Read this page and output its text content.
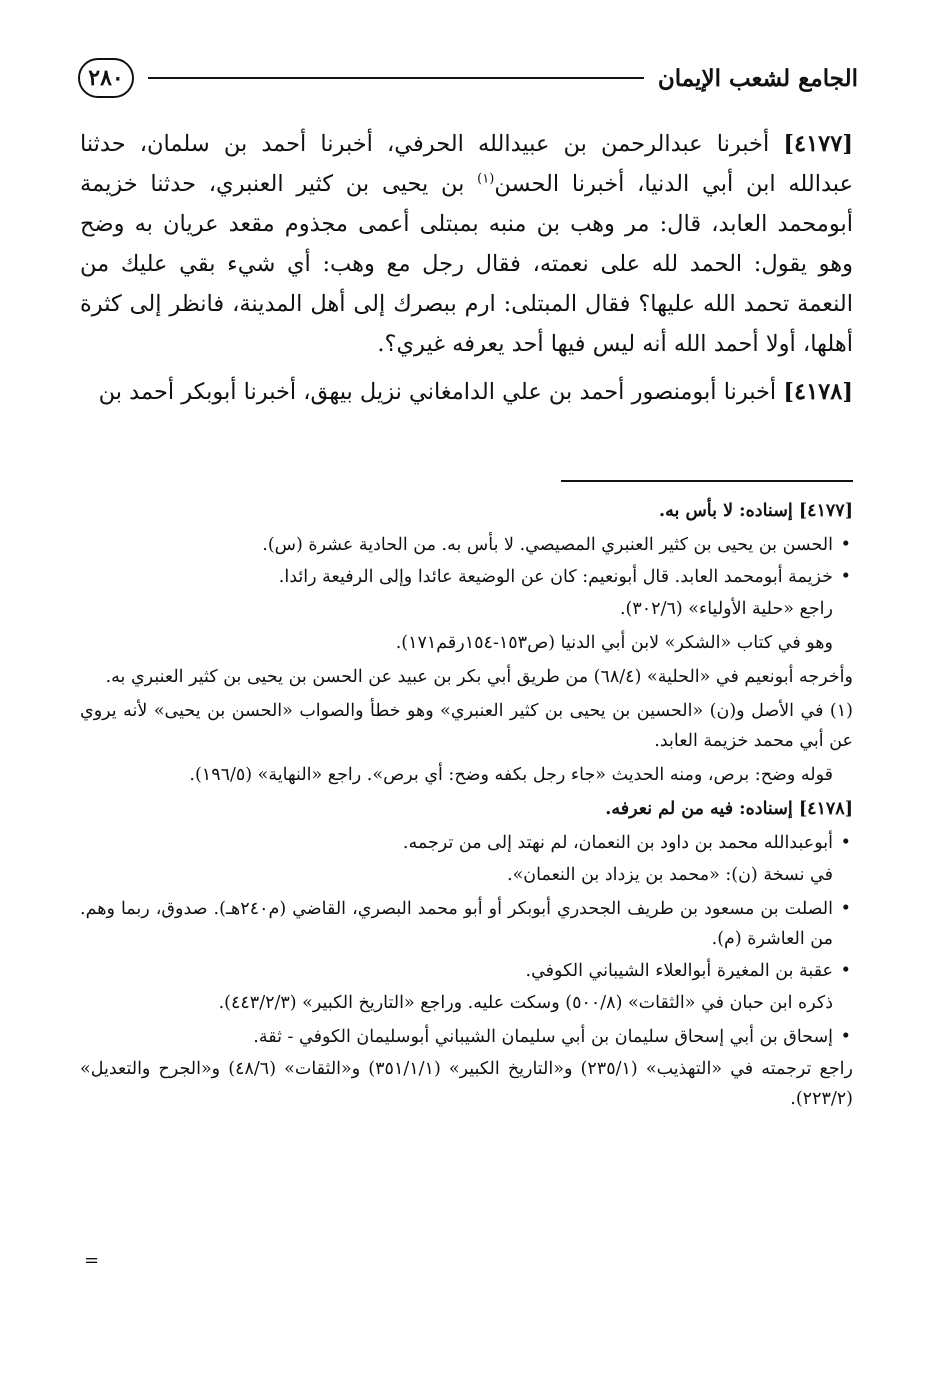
الجامع لشعب الإيمان
٢٨٠

[٤١٧٧] أخبرنا عبدالرحمن بن عبيدالله الحرفي، أخبرنا أحمد بن سلمان، حدثنا عبدالله ابن أبي الدنيا، أخبرنا الحسن$^{(١)}$ بن يحيى بن كثير العنبري، حدثنا خزيمة أبومحمد العابد، قال: مر وهب بن منبه بمبتلى أعمى مجذوم مقعد عريان به وضح وهو يقول: الحمد لله على نعمته، فقال رجل مع وهب: أي شيء بقي عليك من النعمة تحمد الله عليها؟ فقال المبتلى: ارم ببصرك إلى أهل المدينة، فانظر إلى كثرة أهلها، أولا أحمد الله أنه ليس فيها أحد يعرفه غيري؟.

[٤١٧٨] أخبرنا أبومنصور أحمد بن علي الدامغاني نزيل بيهق، أخبرنا أبوبكر أحمد بن

[٤١٧٧] إسناده: لا بأس به.

• الحسن بن يحيى بن كثير العنبري المصيصي. لا بأس به. من الحادية عشرة (س).

• خزيمة أبومحمد العابد. قال أبونعيم: كان عن الوضيعة عائدا وإلى الرفيعة رائدا.

راجع «حلية الأولياء» (٣٠٢/٦).

وهو في كتاب «الشكر» لابن أبي الدنيا (ص١٥٣-١٥٤رقم١٧١).

وأخرجه أبونعيم في «الحلية» (٦٨/٤) من طريق أبي بكر بن عبيد عن الحسن بن يحيى بن كثير العنبري به.

(١) في الأصل و(ن) «الحسين بن يحيى بن كثير العنبري» وهو خطأ والصواب «الحسن بن يحيى» لأنه يروي عن أبي محمد خزيمة العابد.

قوله وضح: برص، ومنه الحديث «جاء رجل بكفه وضح: أي برص». راجع «النهاية» (١٩٦/٥).

[٤١٧٨] إسناده: فيه من لم نعرفه.

• أبوعبدالله محمد بن داود بن النعمان، لم نهتد إلى من ترجمه.

في نسخة (ن): «محمد بن يزداد بن النعمان».

• الصلت بن مسعود بن طريف الجحدري أبوبكر أو أبو محمد البصري، القاضي (م٢٤٠هـ). صدوق، ربما وهم. من العاشرة (م).

• عقبة بن المغيرة أبوالعلاء الشيباني الكوفي.

ذكره ابن حبان في «الثقات» (٥٠٠/٨) وسكت عليه. وراجع «التاريخ الكبير» (٤٤٣/٢/٣).

• إسحاق بن أبي إسحاق سليمان بن أبي سليمان الشيباني أبوسليمان الكوفي - ثقة.

راجع ترجمته في «التهذيب» (٢٣٥/١) و«التاريخ الكبير» (٣٥١/١/١) و«الثقات» (٤٨/٦) و«الجرح والتعديل» (٢٢٣/٢).

=
